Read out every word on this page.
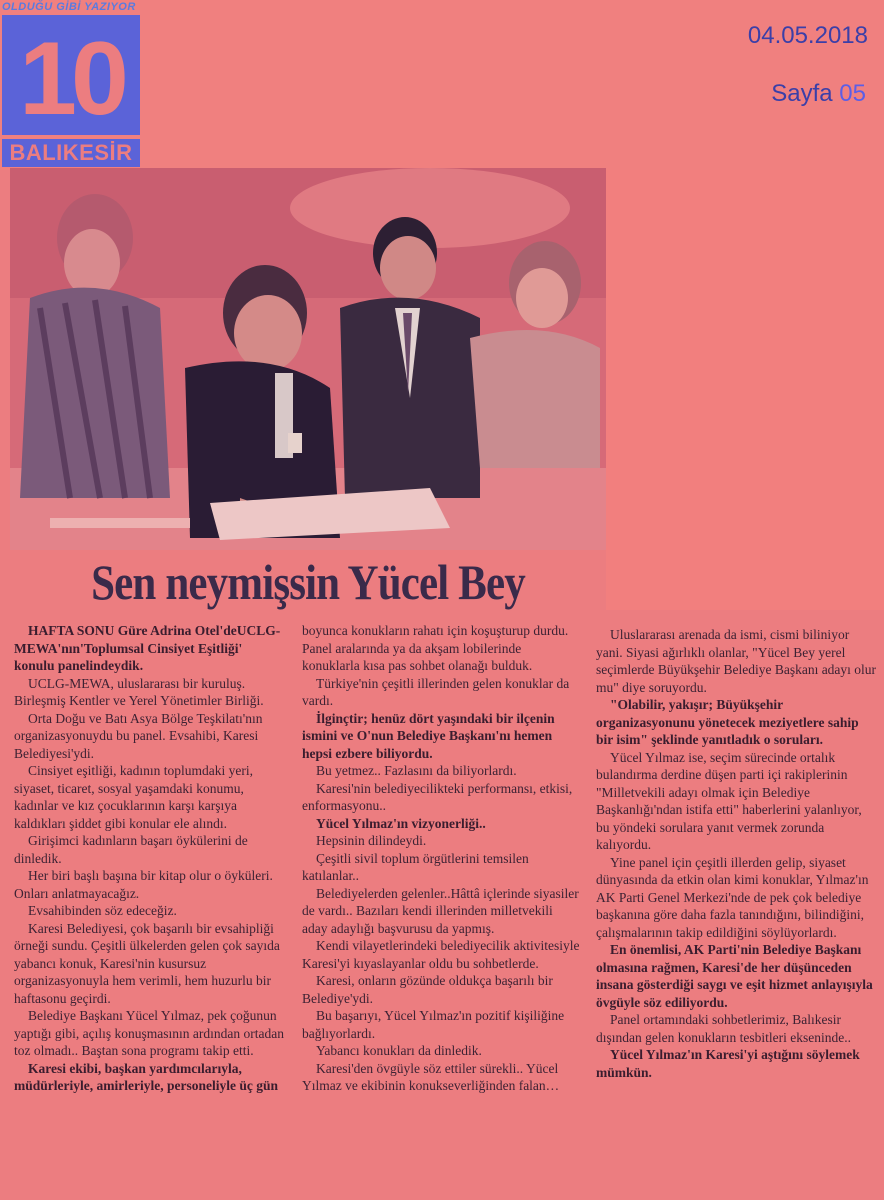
OLDUĞU GİBİ YAZIYOR
10
BALIKESİR
04.05.2018
Sayfa 05
Sen neymişsin Yücel Bey

HAFTA SONU Güre Adrina Otel'deUCLG-MEWA'nın'Toplumsal Cinsiyet Eşitliği' konulu panelindeydik.

UCLG-MEWA, uluslararası bir kuruluş. Birleşmiş Kentler ve Yerel Yönetimler Birliği.

Orta Doğu ve Batı Asya Bölge Teşkilatı'nın organizasyonuydu bu panel. Evsahibi, Karesi Belediyesi'ydi.

Cinsiyet eşitliği, kadının toplumdaki yeri, siyaset, ticaret, sosyal yaşamdaki konumu, kadınlar ve kız çocuklarının karşı karşıya kaldıkları şiddet gibi konular ele alındı.

Girişimci kadınların başarı öykülerini de dinledik.

Her biri başlı başına bir kitap olur o öyküleri. Onları anlatmayacağız.

Evsahibinden söz edeceğiz.

Karesi Belediyesi, çok başarılı bir evsahipliği örneği sundu. Çeşitli ülkelerden gelen çok sayıda yabancı konuk, Karesi'nin kusursuz organizasyonuyla hem verimli, hem huzurlu bir haftasonu geçirdi.

Belediye Başkanı Yücel Yılmaz, pek çoğunun yaptığı gibi, açılış konuşmasının ardından ortadan toz olmadı.. Baştan sona programı takip etti.

Karesi ekibi, başkan yardımcılarıyla, müdürleriyle, amirleriyle, personeliyle üç gün

boyunca konukların rahatı için koşuşturup durdu. Panel aralarında ya da akşam lobilerinde konuklarla kısa pas sohbet olanağı bulduk.

Türkiye'nin çeşitli illerinden gelen konuklar da vardı.

İlginçtir; henüz dört yaşındaki bir ilçenin ismini ve O'nun Belediye Başkanı'nı hemen hepsi ezbere biliyordu.

Bu yetmez.. Fazlasını da biliyorlardı.

Karesi'nin belediyecilikteki performansı, etkisi, enformasyonu..

Yücel Yılmaz'ın vizyonerliği..

Hepsinin dilindeydi.

Çeşitli sivil toplum örgütlerini temsilen katılanlar..

Belediyelerden gelenler..Hâttâ içlerinde siyasiler de vardı.. Bazıları kendi illerinden milletvekili aday adaylığı başvurusu da yapmış.

Kendi vilayetlerindeki belediyecilik aktivitesiyle Karesi'yi kıyaslayanlar oldu bu sohbetlerde.

Karesi, onların gözünde oldukça başarılı bir Belediye'ydi.

Bu başarıyı, Yücel Yılmaz'ın pozitif kişiliğine bağlıyorlardı.

Yabancı konukları da dinledik.

Karesi'den övgüyle söz ettiler sürekli.. Yücel Yılmaz ve ekibinin konukseverliğinden falan…

Uluslararası arenada da ismi, cismi biliniyor yani. Siyasi ağırlıklı olanlar, "Yücel Bey yerel seçimlerde Büyükşehir Belediye Başkanı adayı olur mu" diye soruyordu.

"Olabilir, yakışır; Büyükşehir organizasyonunu yönetecek meziyetlere sahip bir isim" şeklinde yanıtladık o soruları.

Yücel Yılmaz ise, seçim sürecinde ortalık bulandırma derdine düşen parti içi rakiplerinin "Milletvekili adayı olmak için Belediye Başkanlığı'ndan istifa etti" haberlerini yalanlıyor, bu yöndeki sorulara yanıt vermek zorunda kalıyordu.

Yine panel için çeşitli illerden gelip, siyaset dünyasında da etkin olan kimi konuklar, Yılmaz'ın AK Parti Genel Merkezi'nde de pek çok belediye başkanına göre daha fazla tanındığını, bilindiğini, çalışmalarının takip edildiğini söylüyorlardı.

En önemlisi, AK Parti'nin Belediye Başkanı olmasına rağmen, Karesi'de her düşünceden insana gösterdiği saygı ve eşit hizmet anlayışıyla övgüyle söz ediliyordu.

Panel ortamındaki sohbetlerimiz, Balıkesir dışından gelen konukların tesbitleri ekseninde..

Yücel Yılmaz'ın Karesi'yi aştığını söylemek mümkün.
